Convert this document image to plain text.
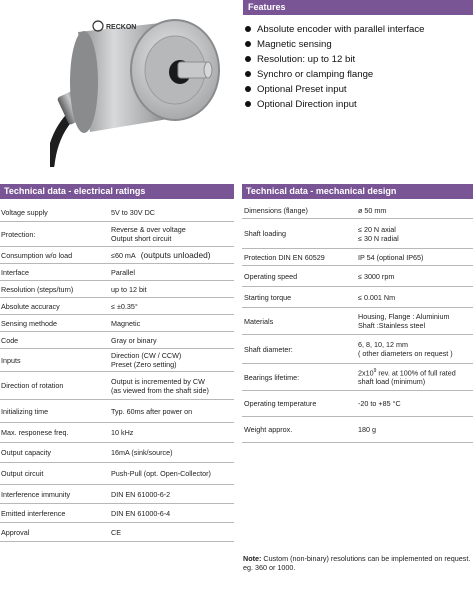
RECKON
Features
Absolute encoder with parallel interface
Magnetic sensing
Resolution: up to 12 bit
Synchro or clamping flange
Optional Preset input
Optional Direction input
Technical data - electrical ratings
Voltage supply	5V to 30V DC
Protection:	Reverse & over voltage
Output short circuit
Consumption w/o load	≤60 mA (outputs unloaded)
Interface	Parallel
Resolution (steps/turn)	up to 12 bit
Absolute accuracy	≤ ±0.35°
Sensing methode	Magnetic
Code	Gray or binary
Inputs	Direction (CW / CCW)
Preset (Zero setting)
Direction of rotation	Output is incremented by CW
(as viewed from the shaft side)
Initializing time	Typ. 60ms after power on
Max. responese freq.	10 kHz
Output capacity	16mA (sink/source)
Output circuit	Push-Pull (opt. Open-Collector)
Interference immunity	DIN EN 61000-6-2
Emitted interference	DIN EN 61000-6-4
Approval	CE
Technical data - mechanical design
Dimensions (flange)	ø 50 mm
Shaft loading	≤ 20 N axial
≤ 30 N radial
Protection DIN EN 60529	IP 54 (optional IP65)
Operating speed	≤ 3000 rpm
Starting torque	≤ 0.001 Nm
Materials	Housing, Flange : Aluminium
Shaft :Stainless steel
Shaft diameter:	6, 8, 10, 12 mm
( other diameters on request )
Bearings lifetime:	$2x10^9$ rev. at 100% of full rated
shaft load (minimum)
Operating temperature	-20 to +85 °C
Weight approx.	180 g
Note: Custom (non-binary) resolutions can be implemented on request. eg. 360 or 1000.
